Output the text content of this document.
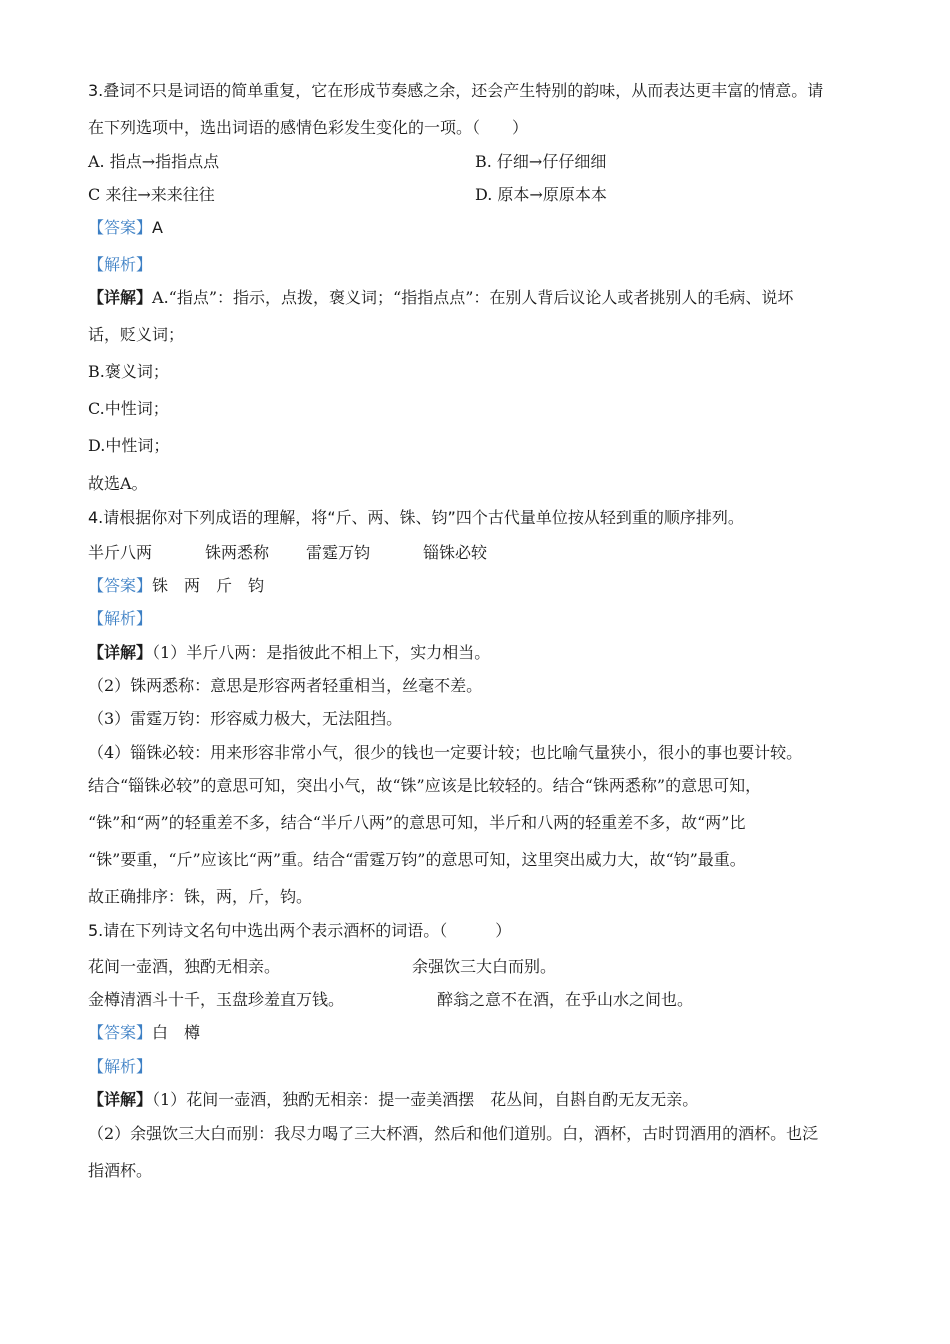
3.叠词不只是词语的简单重复，它在形成节奏感之余，还会产生特别的韵味，从而表达更丰富的情意。请
在下列选项中，选出词语的感情色彩发生变化的一项。（　　）
A. 指点→指指点点	B. 仔细→仔仔细细
C 来往→来来往往	D. 原本→原原本本
【答案】A
【解析】
【详解】A.“指点”：指示，点拨，褒义词；“指指点点”：在别人背后议论人或者挑别人的毛病、说坏
话，贬义词；
B.褒义词；
C.中性词；
D.中性词；
故选A。
4.请根据你对下列成语的理解，将“斤、两、铢、钧”四个古代量单位按从轻到重的顺序排列。
半斤八两	铢两悉称 雷霆万钧	锱铢必较
【答案】铢　两　斤　钧
【解析】
【详解】（1）半斤八两：是指彼此不相上下，实力相当。
（2）铢两悉称：意思是形容两者轻重相当，丝毫不差。
（3）雷霆万钧：形容威力极大，无法阻挡。
（4）锱铢必较：用来形容非常小气，很少的钱也一定要计较；也比喻气量狭小，很小的事也要计较。
结合“锱铢必较”的意思可知，突出小气，故“铢”应该是比较轻的。结合“铢两悉称”的意思可知，
“铢”和“两”的轻重差不多，结合“半斤八两”的意思可知，半斤和八两的轻重差不多，故“两”比
“铢”要重，“斤”应该比“两”重。结合“雷霆万钧”的意思可知，这里突出威力大，故“钧”最重。
故正确排序：铢，两，斤，钧。
5.请在下列诗文名句中选出两个表示酒杯的词语。（　　　）
花间一壶酒，独酌无相亲。	余强饮三大白而别。
金樽清酒斗十千，玉盘珍羞直万钱。	醉翁之意不在酒，在乎山水之间也。
【答案】白　樽
【解析】
【详解】（1）花间一壶酒，独酌无相亲：提一壶美酒摆　花丛间，自斟自酌无友无亲。
（2）余强饮三大白而别：我尽力喝了三大杯酒，然后和他们道别。白，酒杯，古时罚酒用的酒杯。也泛
指酒杯。
